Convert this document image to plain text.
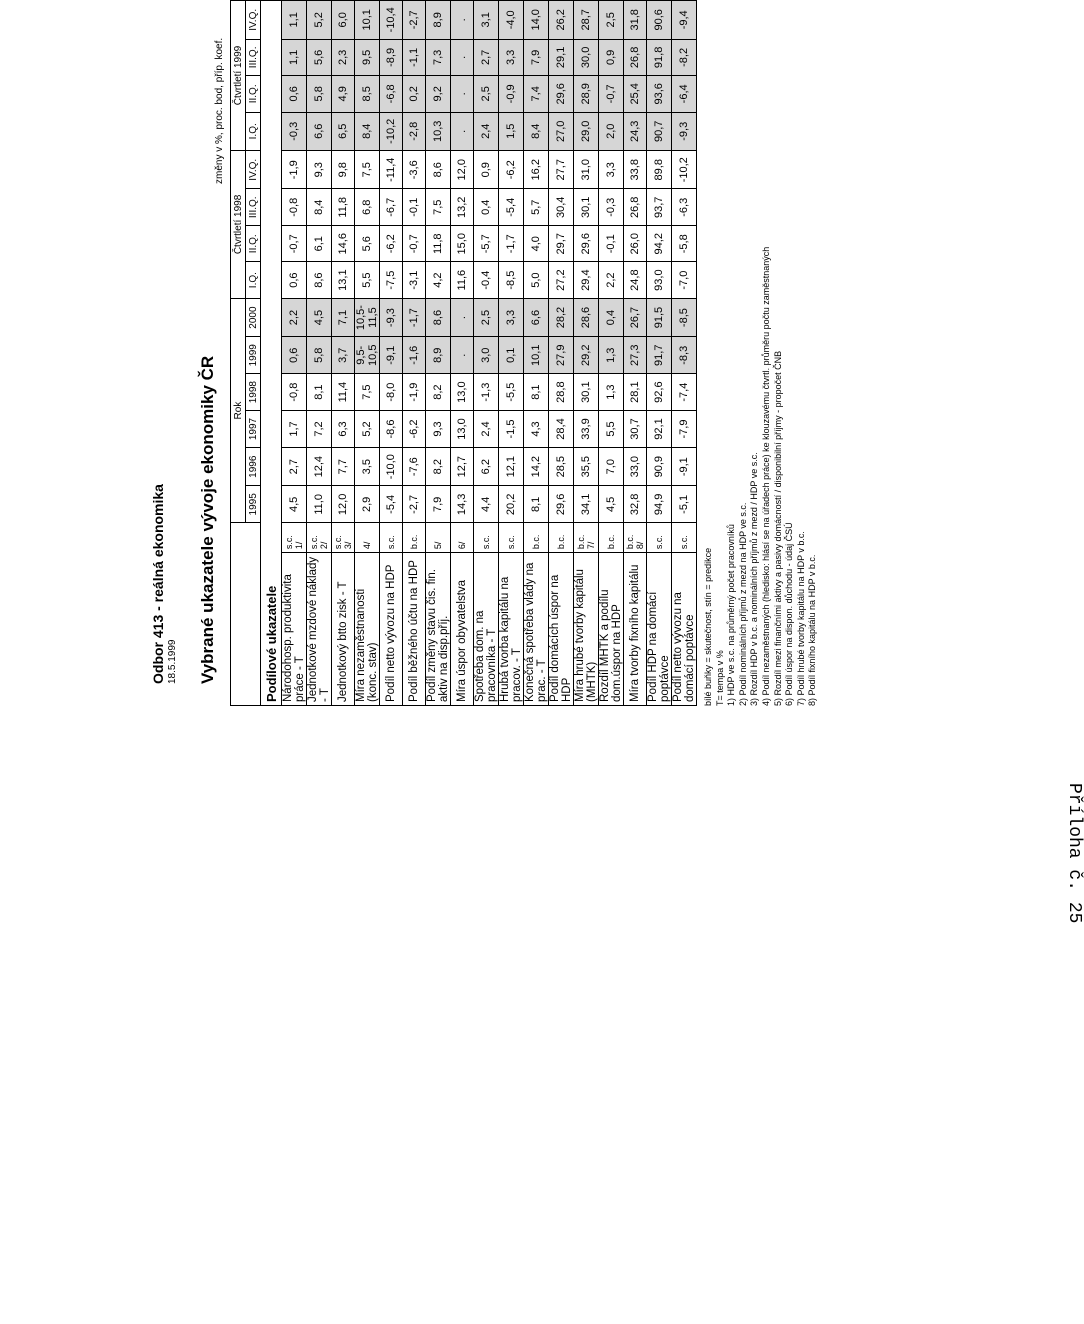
Odbor 413 - reálná ekonomika 18.5.1999 Vybrané ukazatele vývoje ekonomiky ČR
změny v %, proc. bod, příp. koef.
		Rok						Čtvrtletí 1998				Čtvrtletí 1999			
		1995	1996	1997	1998	1999	2000	I.Q.	II.Q.	III.Q.	IV.Q.	I.Q.	II.Q.	III.Q.	IV.Q.
Podílové ukazatele															
Národohosp. produktivita práce - T	s.c. 1/	4,5	2,7	1,7	-0,8	0,6	2,2	0,6	-0,7	-0,8	-1,9	-0,3	0,6	1,1	1,1
Jednotkové mzdové náklady - T	s.c. 2/	11,0	12,4	7,2	8,1	5,8	4,5	8,6	6,1	8,4	9,3	6,6	5,8	5,6	5,2
Jednotkový btto zisk - T	s.c. 3/	12,0	7,7	6,3	11,4	3,7	7,1	13,1	14,6	11,8	9,8	6,5	4,9	2,3	6,0
Míra nezaměstnanosti (konc. stav)	4/	2,9	3,5	5,2	7,5	9,5-10,5	10,5-11,5	5,5	5,6	6,8	7,5	8,4	8,5	9,5	10,1
Podíl netto vývozu na HDP	s.c.	-5,4	-10,0	-8,6	-8,0	-9,1	-9,3	-7,5	-6,2	-6,7	-11,4	-10,2	-6,8	-8,9	-10,4
Podíl běžného účtu na HDP	b.c.	-2,7	-7,6	-6,2	-1,9	-1,6	-1,7	-3,1	-0,7	-0,1	-3,6	-2,8	0,2	-1,1	-2,7
Podíl změny stavu čis. fin. aktiv na disp.příj.	5/	7,9	8,2	9,3	8,2	8,9	8,6	4,2	11,8	7,5	8,6	10,3	9,2	7,3	8,9
Míra úspor obyvatelstva	6/	14,3	12,7	13,0	13,0	.	.	11,6	15,0	13,2	12,0	.	.	.	.
Spotřeba dom. na pracovníka - T	s.c.	4,4	6,2	2,4	-1,3	3,0	2,5	-0,4	-5,7	0,4	0,9	2,4	2,5	2,7	3,1
Hrubá tvorba kapitálu na pracov. - T	s.c.	20,2	12,1	-1,5	-5,5	0,1	3,3	-8,5	-1,7	-5,4	-6,2	1,5	-0,9	3,3	-4,0
Konečná spotřeba vlády na prac. - T	b.c.	8,1	14,2	4,3	8,1	10,1	6,6	5,0	4,0	5,7	16,2	8,4	7,4	7,9	14,0
Podíl domácích úspor na HDP	b.c.	29,6	28,5	28,4	28,8	27,9	28,2	27,2	29,7	30,4	27,7	27,0	29,6	29,1	26,2
Míra hrubé tvorby kapitálu (MHTK)	b.c. 7/	34,1	35,5	33,9	30,1	29,2	28,6	29,4	29,6	30,1	31,0	29,0	28,9	30,0	28,7
Rozdíl MHTK a podílu dom.úspor na HDP	b.c.	4,5	7,0	5,5	1,3	1,3	0,4	2,2	-0,1	-0,3	3,3	2,0	-0,7	0,9	2,5
Míra tvorby fixního kapitálu	b.c. 8/	32,8	33,0	30,7	28,1	27,3	26,7	24,8	26,0	26,8	33,8	24,3	25,4	26,8	31,8
Podíl HDP na domácí poptávce	s.c.	94,9	90,9	92,1	92,6	91,7	91,5	93,0	94,2	93,7	89,8	90,7	93,6	91,8	90,6
Podíl netto vývozu na domácí poptávce	s.c.	-5,1	-9,1	-7,9	-7,4	-8,3	-8,5	-7,0	-5,8	-6,3	-10,2	-9,3	-6,4	-8,2	-9,4
bílé buňky = skutečnost, stín = predikce T= tempa v % 1) HDP ve s.c. na průměrný počet pracovníků 2) Podíl nominálních příjmů z mezd na HDP ve s.c. 3) Rozdíl HDP v b.c. a nominálních příjmů z mezd / HDP ve s.c. 4) Podíl nezaměstnaných (hledisko: hlásí se na úřadech práce) ke klouzavému čtvrtl. průměru počtu zaměstnaných 5) Rozdíl mezi finančními aktivy a pasivy domácností / disponibilní příjmy - propočet ČNB 6) Podíl úspor na dispon. důchodu - údaj ČSÚ 7) Podíl hrubé tvorby kapitálu na HDP v b.c. 8) Podíl fixního kapitálu na HDP v b.c.
Příloha č. 25
